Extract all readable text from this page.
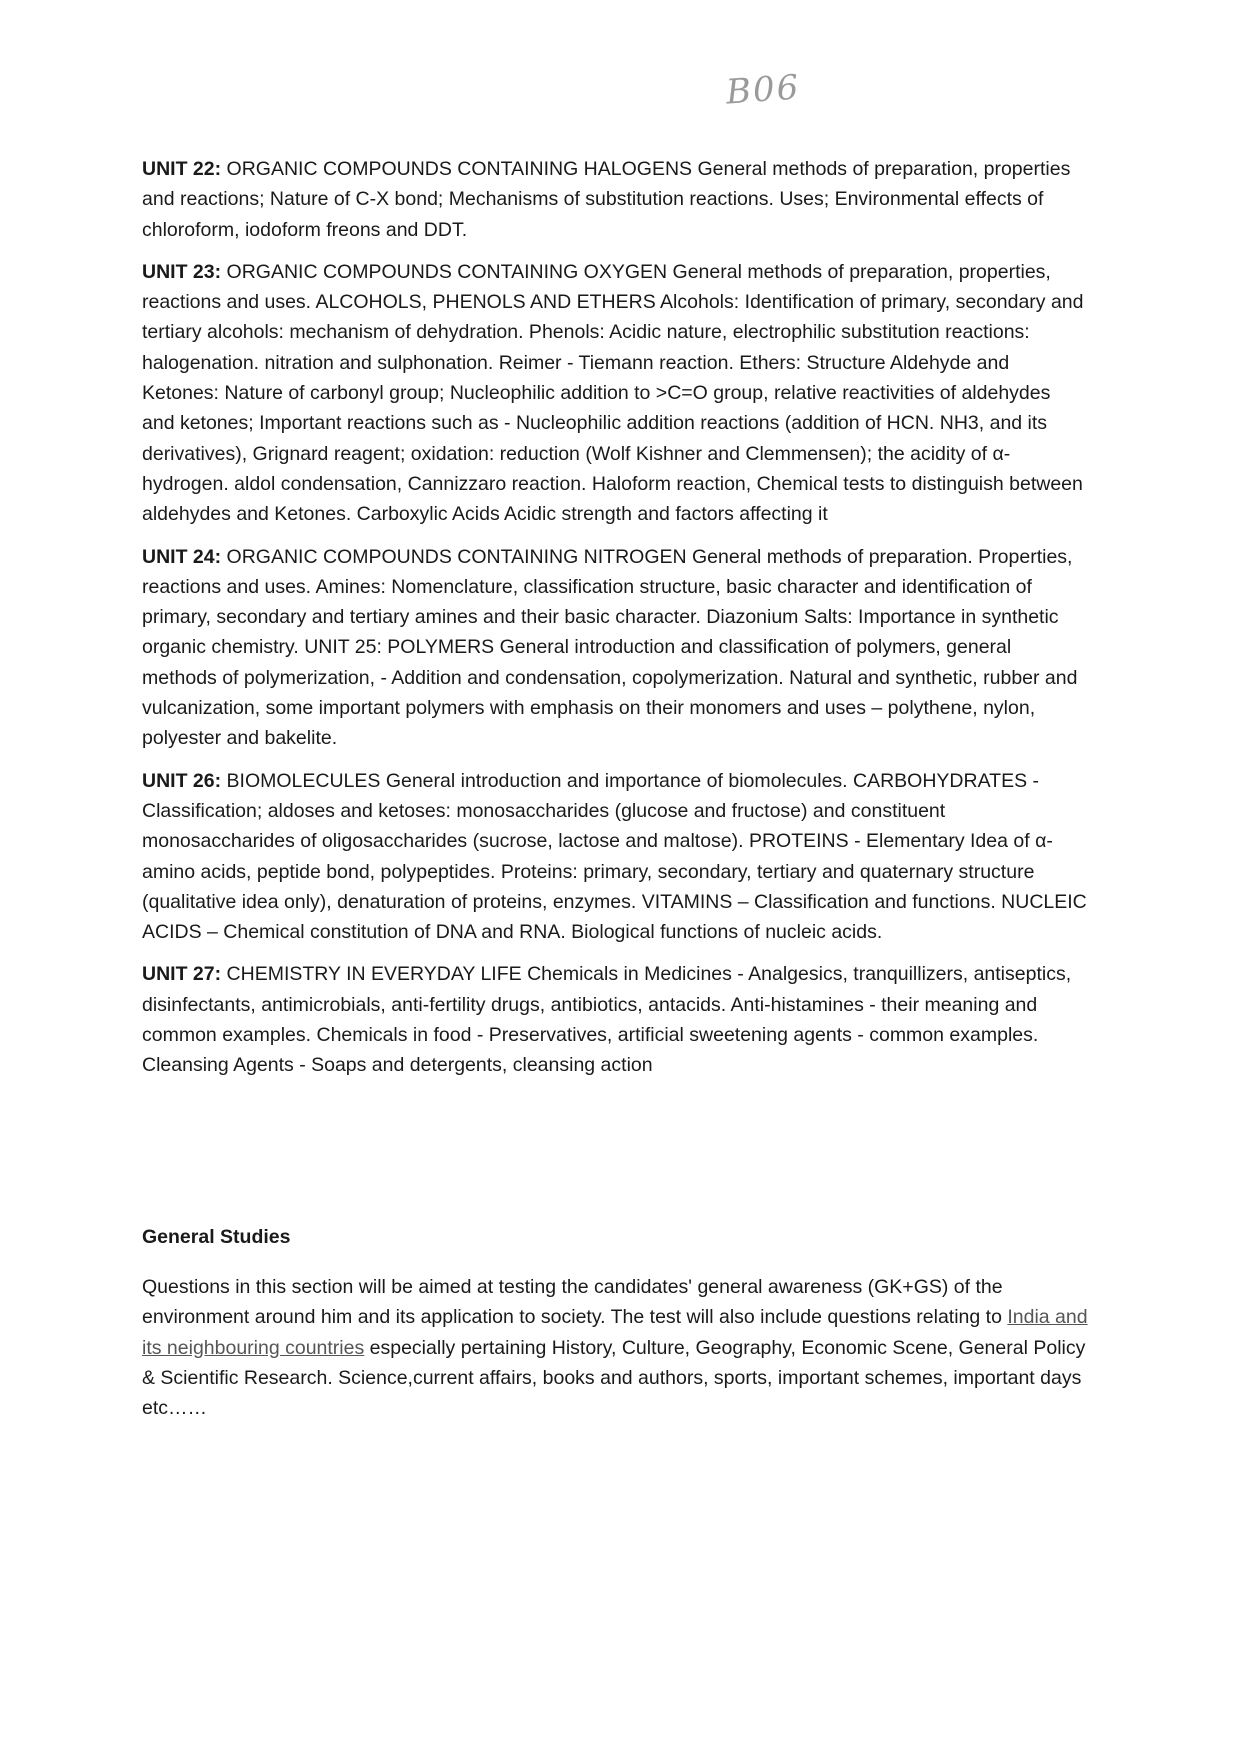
B06

UNIT 22: ORGANIC COMPOUNDS CONTAINING HALOGENS General methods of preparation, properties and reactions; Nature of C-X bond; Mechanisms of substitution reactions. Uses; Environmental effects of chloroform, iodoform freons and DDT.

UNIT 23: ORGANIC COMPOUNDS CONTAINING OXYGEN General methods of preparation, properties, reactions and uses. ALCOHOLS, PHENOLS AND ETHERS Alcohols: Identification of primary, secondary and tertiary alcohols: mechanism of dehydration. Phenols: Acidic nature, electrophilic substitution reactions: halogenation. nitration and sulphonation. Reimer - Tiemann reaction. Ethers: Structure Aldehyde and Ketones: Nature of carbonyl group; Nucleophilic addition to >C=O group, relative reactivities of aldehydes and ketones; Important reactions such as - Nucleophilic addition reactions (addition of HCN. NH3, and its derivatives), Grignard reagent; oxidation: reduction (Wolf Kishner and Clemmensen); the acidity of α-hydrogen. aldol condensation, Cannizzaro reaction. Haloform reaction, Chemical tests to distinguish between aldehydes and Ketones. Carboxylic Acids Acidic strength and factors affecting it

UNIT 24: ORGANIC COMPOUNDS CONTAINING NITROGEN General methods of preparation. Properties, reactions and uses. Amines: Nomenclature, classification structure, basic character and identification of primary, secondary and tertiary amines and their basic character. Diazonium Salts: Importance in synthetic organic chemistry. UNIT 25: POLYMERS General introduction and classification of polymers, general methods of polymerization, - Addition and condensation, copolymerization. Natural and synthetic, rubber and vulcanization, some important polymers with emphasis on their monomers and uses – polythene, nylon, polyester and bakelite.

UNIT 26: BIOMOLECULES General introduction and importance of biomolecules. CARBOHYDRATES - Classification; aldoses and ketoses: monosaccharides (glucose and fructose) and constituent monosaccharides of oligosaccharides (sucrose, lactose and maltose). PROTEINS - Elementary Idea of α-amino acids, peptide bond, polypeptides. Proteins: primary, secondary, tertiary and quaternary structure (qualitative idea only), denaturation of proteins, enzymes. VITAMINS – Classification and functions. NUCLEIC ACIDS – Chemical constitution of DNA and RNA. Biological functions of nucleic acids.

UNIT 27: CHEMISTRY IN EVERYDAY LIFE Chemicals in Medicines - Analgesics, tranquillizers, antiseptics, disinfectants, antimicrobials, anti-fertility drugs, antibiotics, antacids. Anti-histamines - their meaning and common examples. Chemicals in food - Preservatives, artificial sweetening agents - common examples. Cleansing Agents - Soaps and detergents, cleansing action

General Studies

Questions in this section will be aimed at testing the candidates' general awareness (GK+GS) of the environment around him and its application to society. The test will also include questions relating to India and its neighbouring countries especially pertaining History, Culture, Geography, Economic Scene, General Policy & Scientific Research. Science,current affairs, books and authors, sports, important schemes, important days etc……
